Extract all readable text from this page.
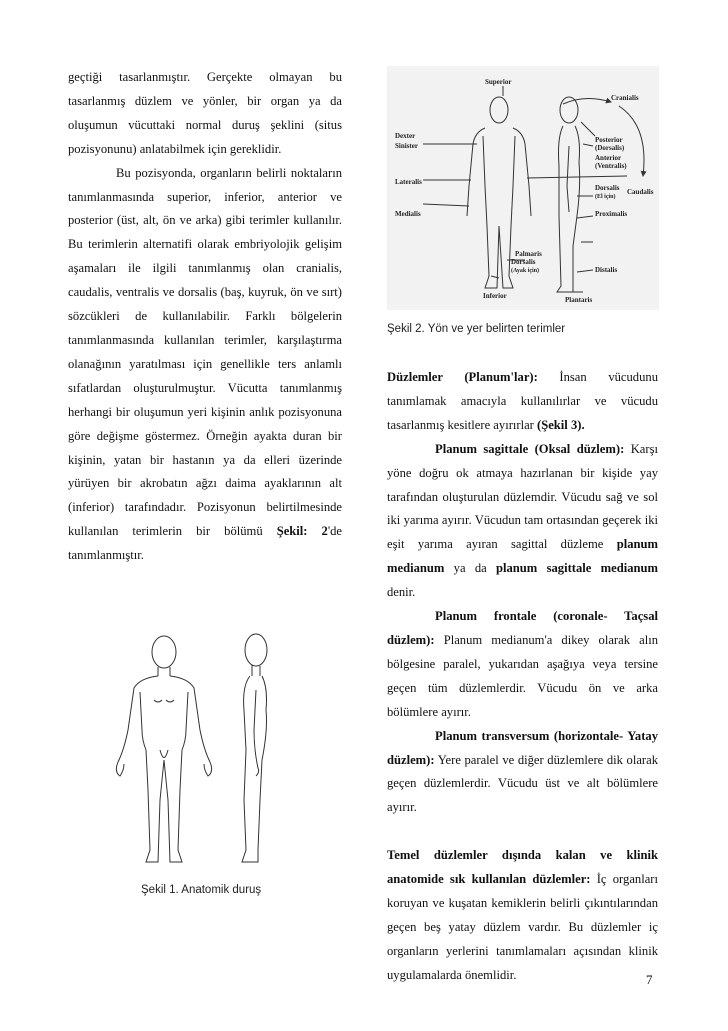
geçtiği tasarlanmıştır. Gerçekte olmayan bu tasarlanmış düzlem ve yönler, bir organ ya da oluşumun vücuttaki normal duruş şeklini (situs pozisyonunu) anlatabilmek için gereklidir.

Bu pozisyonda, organların belirli noktaların tanımlanmasında superior, inferior, anterior ve posterior (üst, alt, ön ve arka) gibi terimler kullanılır. Bu terimlerin alternatifi olarak embriyolojik gelişim aşamaları ile ilgili tanımlanmış olan cranialis, caudalis, ventralis ve dorsalis (baş, kuyruk, ön ve sırt) sözcükleri de kullanılabilir. Farklı bölgelerin tanımlanmasında kullanılan terimler, karşılaştırma olanağının yaratılması için genellikle ters anlamlı sıfatlardan oluşturulmuştur. Vücutta tanımlanmış herhangi bir oluşumun yeri kişinin anlık pozisyonuna göre değişme göstermez. Örneğin ayakta duran bir kişinin, yatan bir hastanın ya da elleri üzerinde yürüyen bir akrobatın ağzı daima ayaklarının alt (inferior) tarafındadır. Pozisyonun belirtilmesinde kullanılan terimlerin bir bölümü Şekil: 2'de tanımlanmıştır.

Şekil 1. Anatomik duruş
Superior
Cranialis
Dexter
Sinister
Posterior
(Dorsalis)
Anterior
(Ventralis)
Lateralis
Dorsalis
(El için)
Caudalis
Medialis	Proximalis
Palmaris
Dorsalis
(Ayak için)	Distalis
Inferior	Plantaris
Şekil 2. Yön ve yer belirten terimler

Düzlemler (Planum'lar): İnsan vücudunu tanımlamak amacıyla kullanılırlar ve vücudu tasarlanmış kesitlere ayırırlar (Şekil 3).

Planum sagittale (Oksal düzlem): Karşı yöne doğru ok atmaya hazırlanan bir kişide yay tarafından oluşturulan düzlemdir. Vücudu sağ ve sol iki yarıma ayırır. Vücudun tam ortasından geçerek iki eşit yarıma ayıran sagittal düzleme planum medianum ya da planum sagittale medianum denir.

Planum frontale (coronale- Taçsal düzlem): Planum medianum'a dikey olarak alın bölgesine paralel, yukarıdan aşağıya veya tersine geçen tüm düzlemlerdir. Vücudu ön ve arka bölümlere ayırır.

Planum transversum (horizontale- Yatay düzlem): Yere paralel ve diğer düzlemlere dik olarak geçen düzlemlerdir. Vücudu üst ve alt bölümlere ayırır.

Temel düzlemler dışında kalan ve klinik anatomide sık kullanılan düzlemler: İç organları koruyan ve kuşatan kemiklerin belirli çıkıntılarından geçen beş yatay düzlem vardır. Bu düzlemler iç organların yerlerini tanımlamaları açısından klinik uygulamalarda önemlidir.	7
